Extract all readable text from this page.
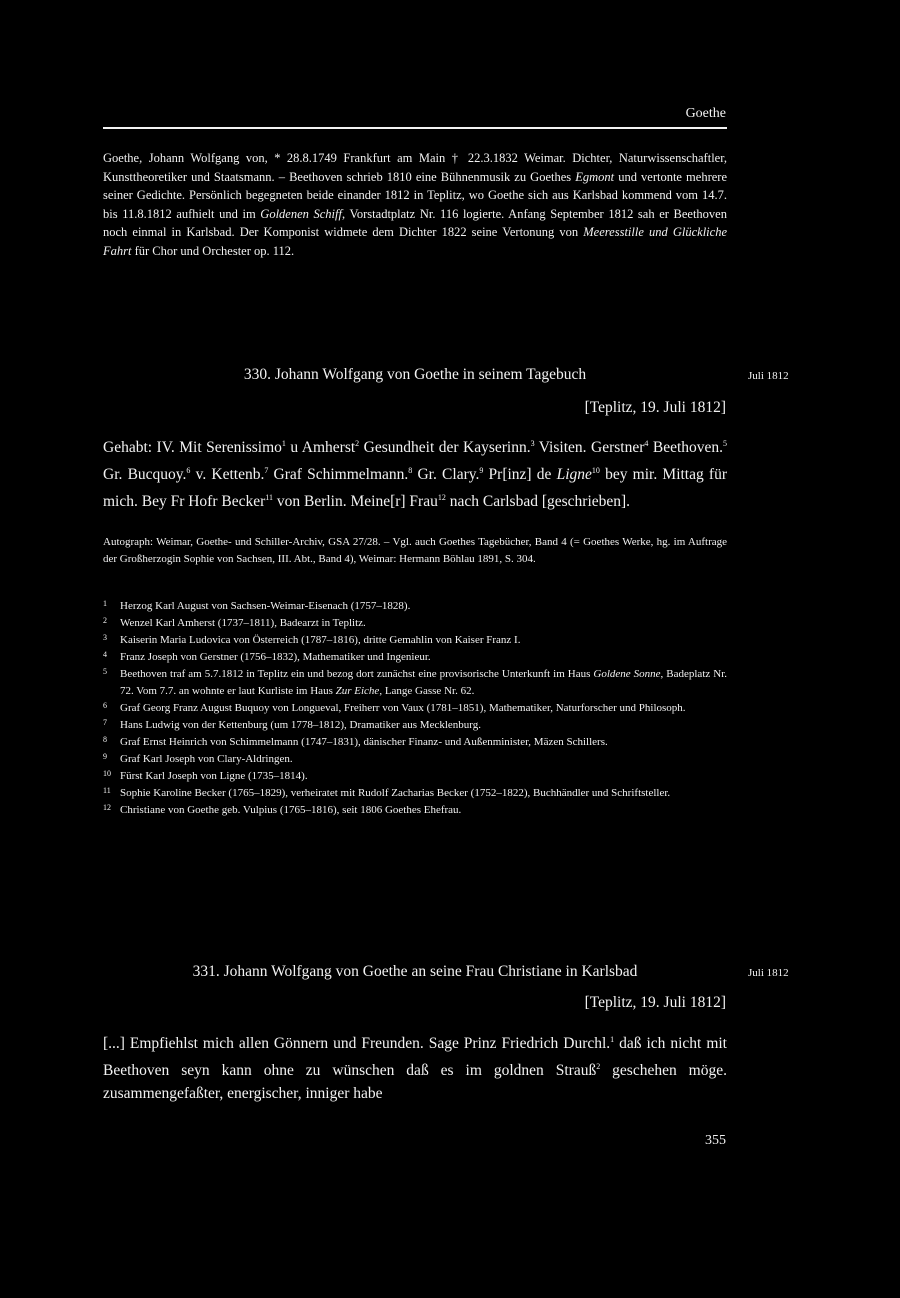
Goethe
Goethe, Johann Wolfgang von, * 28.8.1749 Frankfurt am Main † 22.3.1832 Weimar. Dichter, Naturwissenschaftler, Kunsttheoretiker und Staatsmann. – Beethoven schrieb 1810 eine Bühnenmusik zu Goethes Egmont und vertonte mehrere seiner Gedichte. Persönlich begegneten beide einander 1812 in Teplitz, wo Goethe sich aus Karlsbad kommend vom 14.7. bis 11.8.1812 aufhielt und im Goldenen Schiff, Vorstadtplatz Nr. 116 logierte. Anfang September 1812 sah er Beethoven noch einmal in Karlsbad. Der Komponist widmete dem Dichter 1822 seine Vertonung von Meeresstille und Glückliche Fahrt für Chor und Orchester op. 112.
330. Johann Wolfgang von Goethe in seinem Tagebuch	Juli 1812
[Teplitz, 19. Juli 1812]
Gehabt: IV. Mit Serenissimo$^1$ u Amherst$^2$ Gesundheit der Kayserinn.$^3$ Visiten. Gerstner$^4$ Beethoven.$^5$ Gr. Bucquoy.$^6$ v. Kettenb.$^7$ Graf Schimmelmann.$^8$ Gr. Clary.$^9$ Pr[inz] de Ligne$^{10}$ bey mir. Mittag für mich. Bey Fr Hofr Becker$^{11}$ von Berlin. Meine[r] Frau$^{12}$ nach Carlsbad [geschrieben].
Autograph: Weimar, Goethe- und Schiller-Archiv, GSA 27/28. – Vgl. auch Goethes Tagebücher, Band 4 (= Goethes Werke, hg. im Auftrage der Großherzogin Sophie von Sachsen, III. Abt., Band 4), Weimar: Hermann Böhlau 1891, S. 304.
1 Herzog Karl August von Sachsen-Weimar-Eisenach (1757–1828).
2 Wenzel Karl Amherst (1737–1811), Badearzt in Teplitz.
3 Kaiserin Maria Ludovica von Österreich (1787–1816), dritte Gemahlin von Kaiser Franz I.
4 Franz Joseph von Gerstner (1756–1832), Mathematiker und Ingenieur.
5 Beethoven traf am 5.7.1812 in Teplitz ein und bezog dort zunächst eine provisorische Unterkunft im Haus Goldene Sonne, Badeplatz Nr. 72. Vom 7.7. an wohnte er laut Kurliste im Haus Zur Eiche, Lange Gasse Nr. 62.
6 Graf Georg Franz August Buquoy von Longueval, Freiherr von Vaux (1781–1851), Mathematiker, Naturforscher und Philosoph.
7 Hans Ludwig von der Kettenburg (um 1778–1812), Dramatiker aus Mecklenburg.
8 Graf Ernst Heinrich von Schimmelmann (1747–1831), dänischer Finanz- und Außenminister, Mäzen Schillers.
9 Graf Karl Joseph von Clary-Aldringen.
10 Fürst Karl Joseph von Ligne (1735–1814).
11 Sophie Karoline Becker (1765–1829), verheiratet mit Rudolf Zacharias Becker (1752–1822), Buchhändler und Schriftsteller.
12 Christiane von Goethe geb. Vulpius (1765–1816), seit 1806 Goethes Ehefrau.
331. Johann Wolfgang von Goethe an seine Frau Christiane in Karlsbad	Juli 1812
[Teplitz, 19. Juli 1812]
[...] Empfiehlst mich allen Gönnern und Freunden. Sage Prinz Friedrich Durchl.$^1$ daß ich nicht mit Beethoven seyn kann ohne zu wünschen daß es im goldnen Strauß$^2$ geschehen möge. zusammengefaßter, energischer, inniger habe
355
